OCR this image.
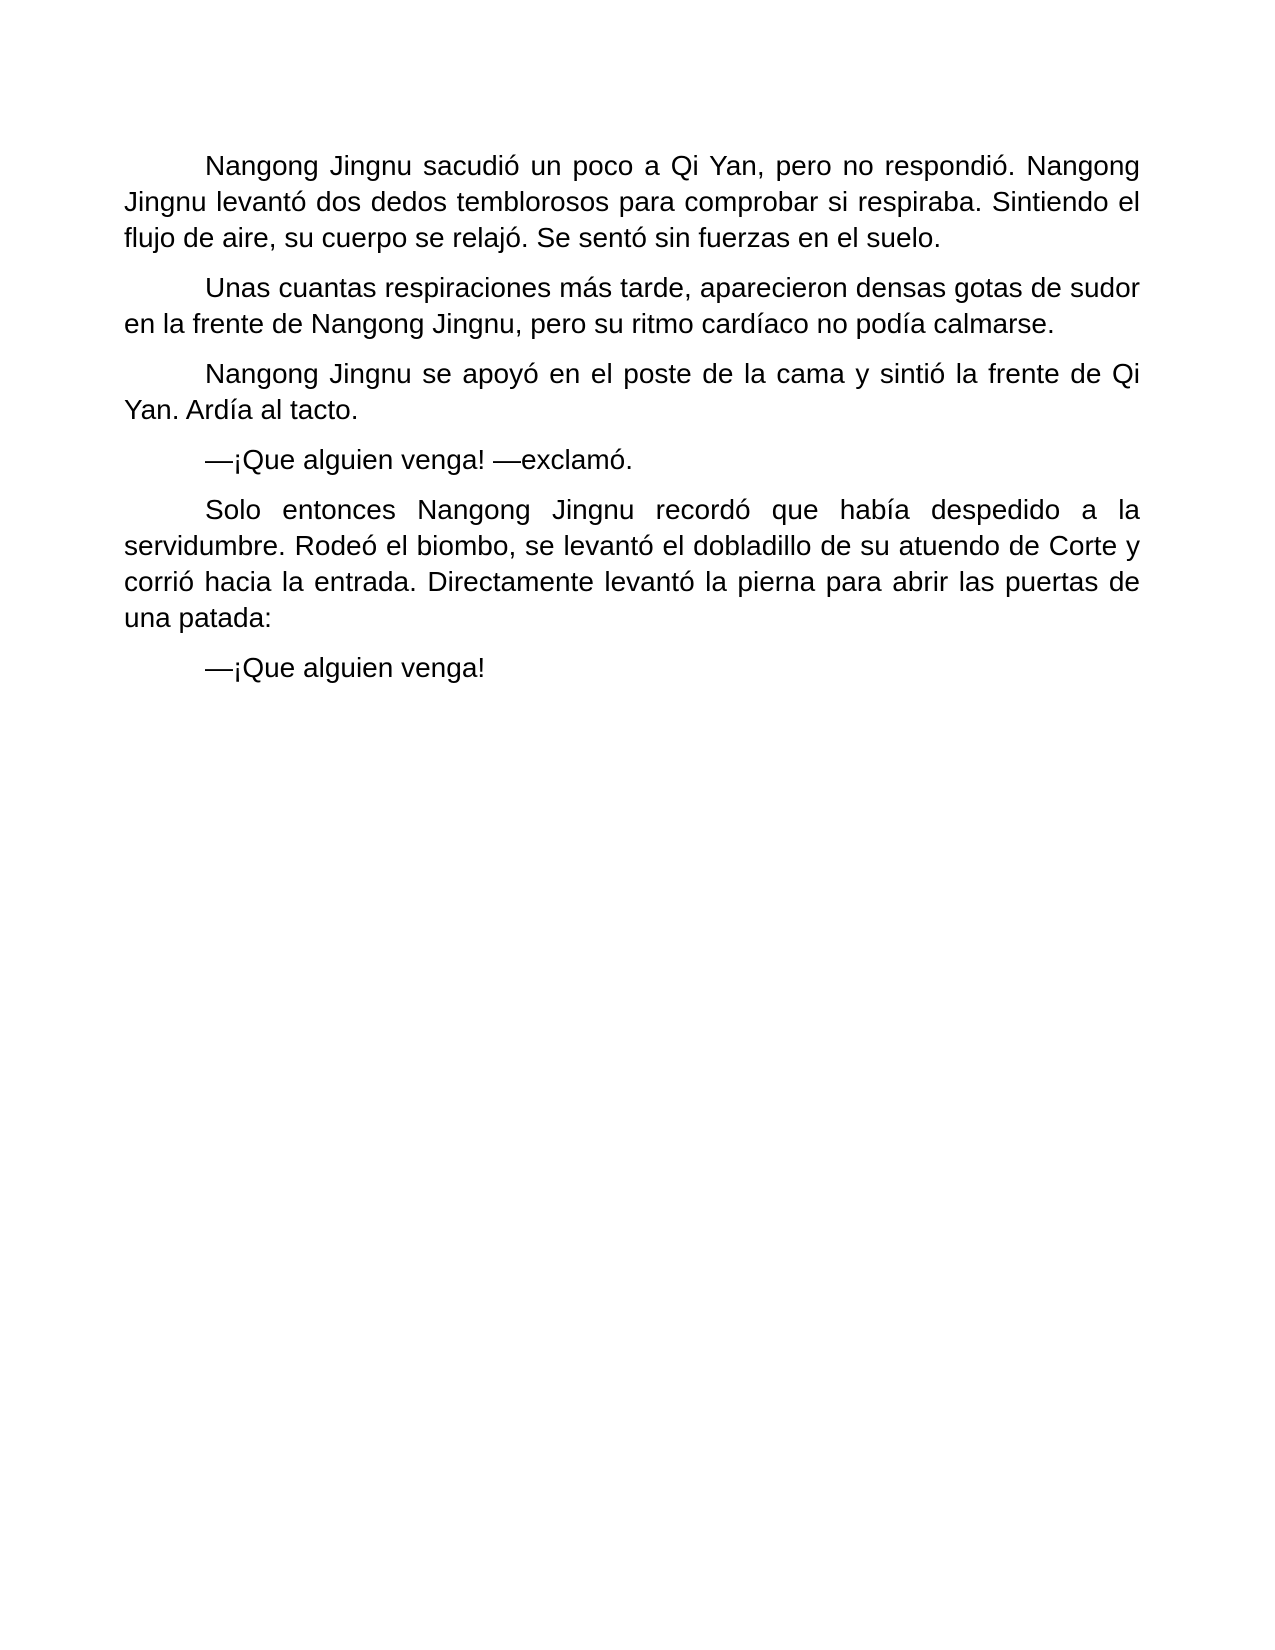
Nangong Jingnu sacudió un poco a Qi Yan, pero no respondió. Nangong Jingnu levantó dos dedos temblorosos para comprobar si respiraba. Sintiendo el flujo de aire, su cuerpo se relajó. Se sentó sin fuerzas en el suelo.

Unas cuantas respiraciones más tarde, aparecieron densas gotas de sudor en la frente de Nangong Jingnu, pero su ritmo cardíaco no podía calmarse.

Nangong Jingnu se apoyó en el poste de la cama y sintió la frente de Qi Yan. Ardía al tacto.

—¡Que alguien venga! —exclamó.

Solo entonces Nangong Jingnu recordó que había despedido a la servidumbre. Rodeó el biombo, se levantó el dobladillo de su atuendo de Corte y corrió hacia la entrada. Directamente levantó la pierna para abrir las puertas de una patada:

—¡Que alguien venga!
